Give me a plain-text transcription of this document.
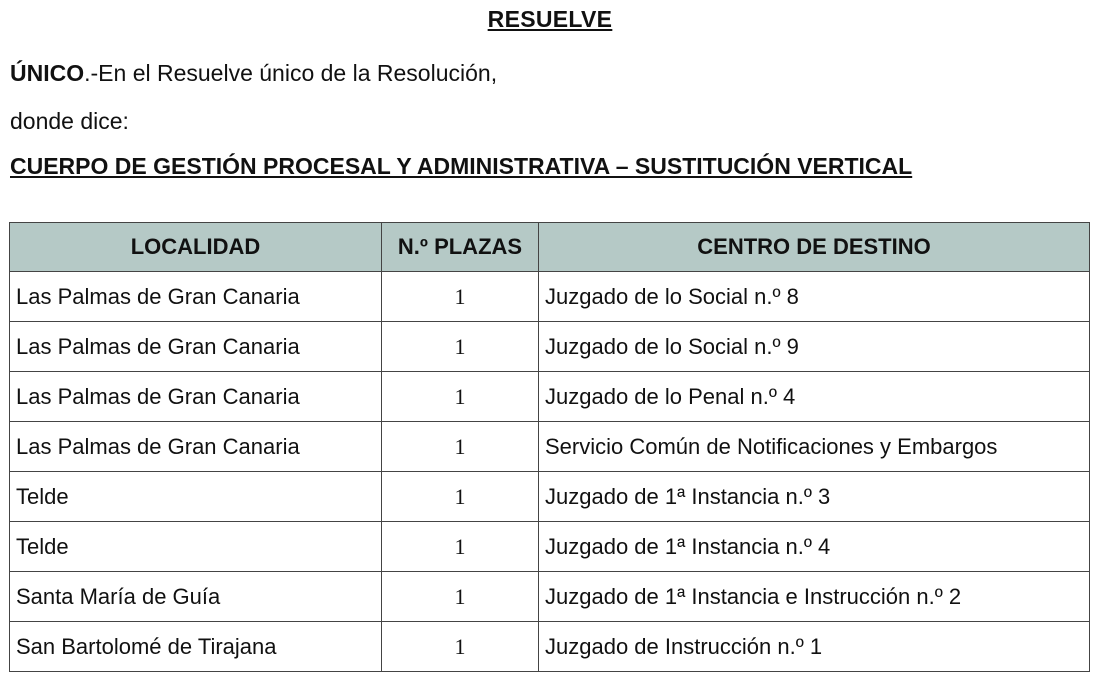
RESUELVE
ÚNICO.-En el Resuelve único de la Resolución,
donde dice:
CUERPO DE GESTIÓN PROCESAL Y ADMINISTRATIVA – SUSTITUCIÓN VERTICAL
LOCALIDAD	N.º PLAZAS	CENTRO DE DESTINO
Las Palmas de Gran Canaria	1	Juzgado de lo Social n.º 8
Las Palmas de Gran Canaria	1	Juzgado de lo Social n.º 9
Las Palmas de Gran Canaria	1	Juzgado de lo Penal n.º 4
Las Palmas de Gran Canaria	1	Servicio Común de Notificaciones y Embargos
Telde	1	Juzgado de 1ª Instancia n.º 3
Telde	1	Juzgado de 1ª Instancia n.º 4
Santa María de Guía	1	Juzgado de 1ª Instancia e Instrucción n.º 2
San Bartolomé de Tirajana	1	Juzgado de Instrucción n.º 1
